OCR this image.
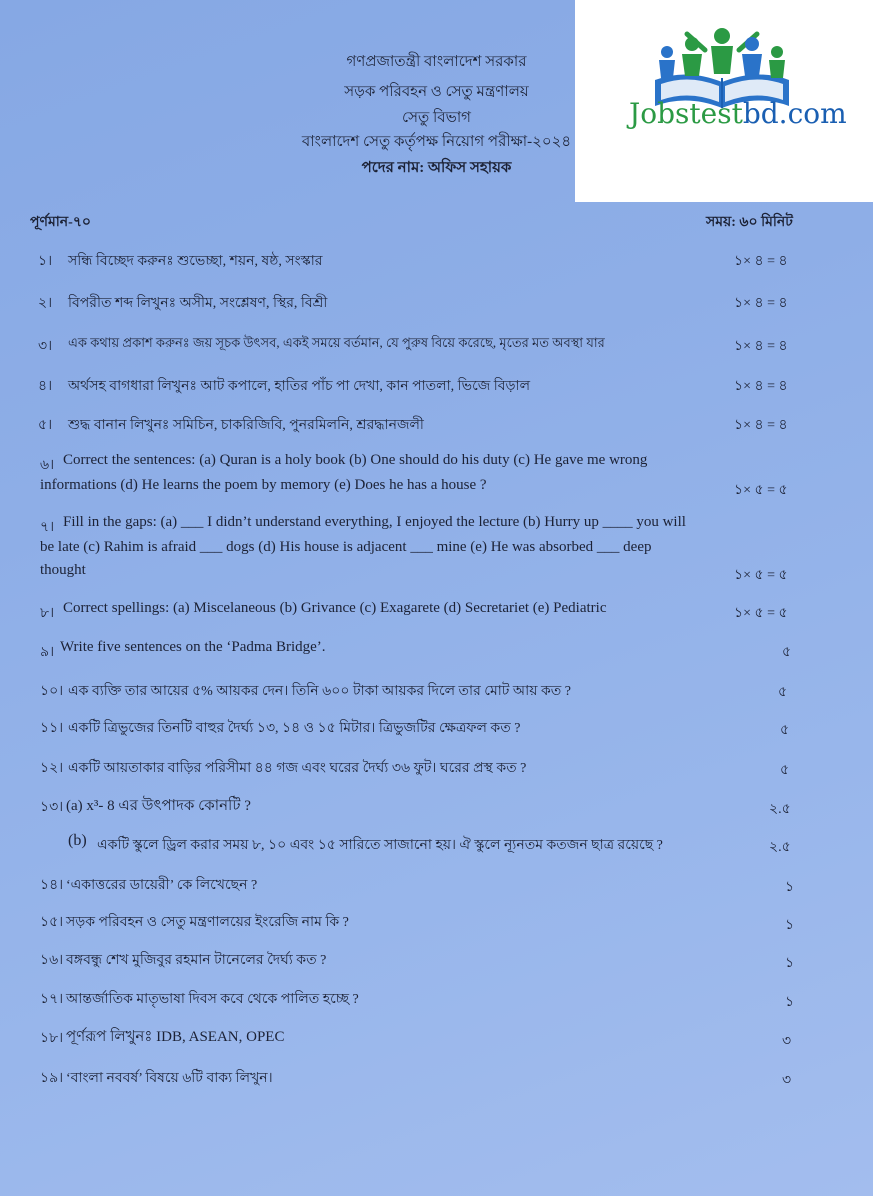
গণপ্রজাতন্ত্রী বাংলাদেশ সরকার
সড়ক পরিবহন ও সেতু মন্ত্রণালয়
সেতু বিভাগ
বাংলাদেশ সেতু কর্তৃপক্ষ নিয়োগ পরীক্ষা-২০২৪
পদের নাম: অফিস সহায়ক
পূর্ণমান-৭০	সময়: ৬০ মিনিট
১। সন্ধি বিচ্ছেদ করুনঃ শুভেচ্ছা, শয়ন, ষষ্ঠ, সংস্কার	১× ৪ = ৪
২। বিপরীত শব্দ লিখুনঃ অসীম, সংশ্লেষণ, স্থির, বিশ্রী	১× ৪ = ৪
৩। এক কথায় প্রকাশ করুনঃ জয় সূচক উৎসব, একই সময়ে বর্তমান, যে পুরুষ বিয়ে করেছে, মৃতের মত অবস্থা যার	১× ৪ = ৪
৪। অর্থসহ বাগধারা লিখুনঃ আট কপালে, হাতির পাঁচ পা দেখা, কান পাতলা, ভিজে বিড়াল	১× ৪ = ৪
৫। শুদ্ধ বানান লিখুনঃ সমিচিন, চাকরিজিবি, পুনরমিলনি, শ্ররদ্ধানজলী	১× ৪ = ৪
৬। Correct the sentences: (a) Quran is a holy book (b) One should do his duty (c) He gave me wrong
informations (d) He learns the poem by memory (e) Does he has a house ?	১× ৫ = ৫
৭। Fill in the gaps: (a) ___ I didn’t understand everything, I enjoyed the lecture (b) Hurry up ____ you will
be late (c) Rahim is afraid ___ dogs (d) His house is adjacent ___ mine (e) He was absorbed ___ deep
thought	১× ৫ = ৫
৮। Correct spellings: (a) Miscelaneous (b) Grivance (c) Exagarete (d) Secretariet (e) Pediatric	১× ৫ = ৫
৯। Write five sentences on the ‘Padma Bridge’.	৫
১০। এক ব্যক্তি তার আয়ের ৫% আয়কর দেন। তিনি ৬০০ টাকা আয়কর দিলে তার মোট আয় কত ?	৫
১১। একটি ত্রিভুজের তিনটি বাহুর দৈর্ঘ্য ১৩, ১৪ ও ১৫ মিটার। ত্রিভুজটির ক্ষেত্রফল কত ?	৫
১২। একটি আয়তাকার বাড়ির পরিসীমা ৪৪ গজ এবং ঘরের দৈর্ঘ্য ৩৬ ফুট। ঘরের প্রস্থ কত ?	৫
১৩। (a) x³- 8 এর উৎপাদক কোনটি ?	২.৫
(b) একটি স্কুলে ড্রিল করার সময় ৮, ১০ এবং ১৫ সারিতে সাজানো হয়। ঐ স্কুলে ন্যূনতম কতজন ছাত্র রয়েছে ?	২.৫
১৪। ‘একাত্তরের ডায়েরী’ কে লিখেছেন ?	১
১৫। সড়ক পরিবহন ও সেতু মন্ত্রণালয়ের ইংরেজি নাম কি ?	১
১৬। বঙ্গবন্ধু শেখ মুজিবুর রহমান টানেলের দৈর্ঘ্য কত ?	১
১৭। আন্তর্জাতিক মাতৃভাষা দিবস কবে থেকে পালিত হচ্ছে ?	১
১৮। পূর্ণরূপ লিখুনঃ IDB, ASEAN, OPEC	৩
১৯। ‘বাংলা নববর্ষ’ বিষয়ে ৬টি বাক্য লিখুন।	৩
Jobstestbd.com
